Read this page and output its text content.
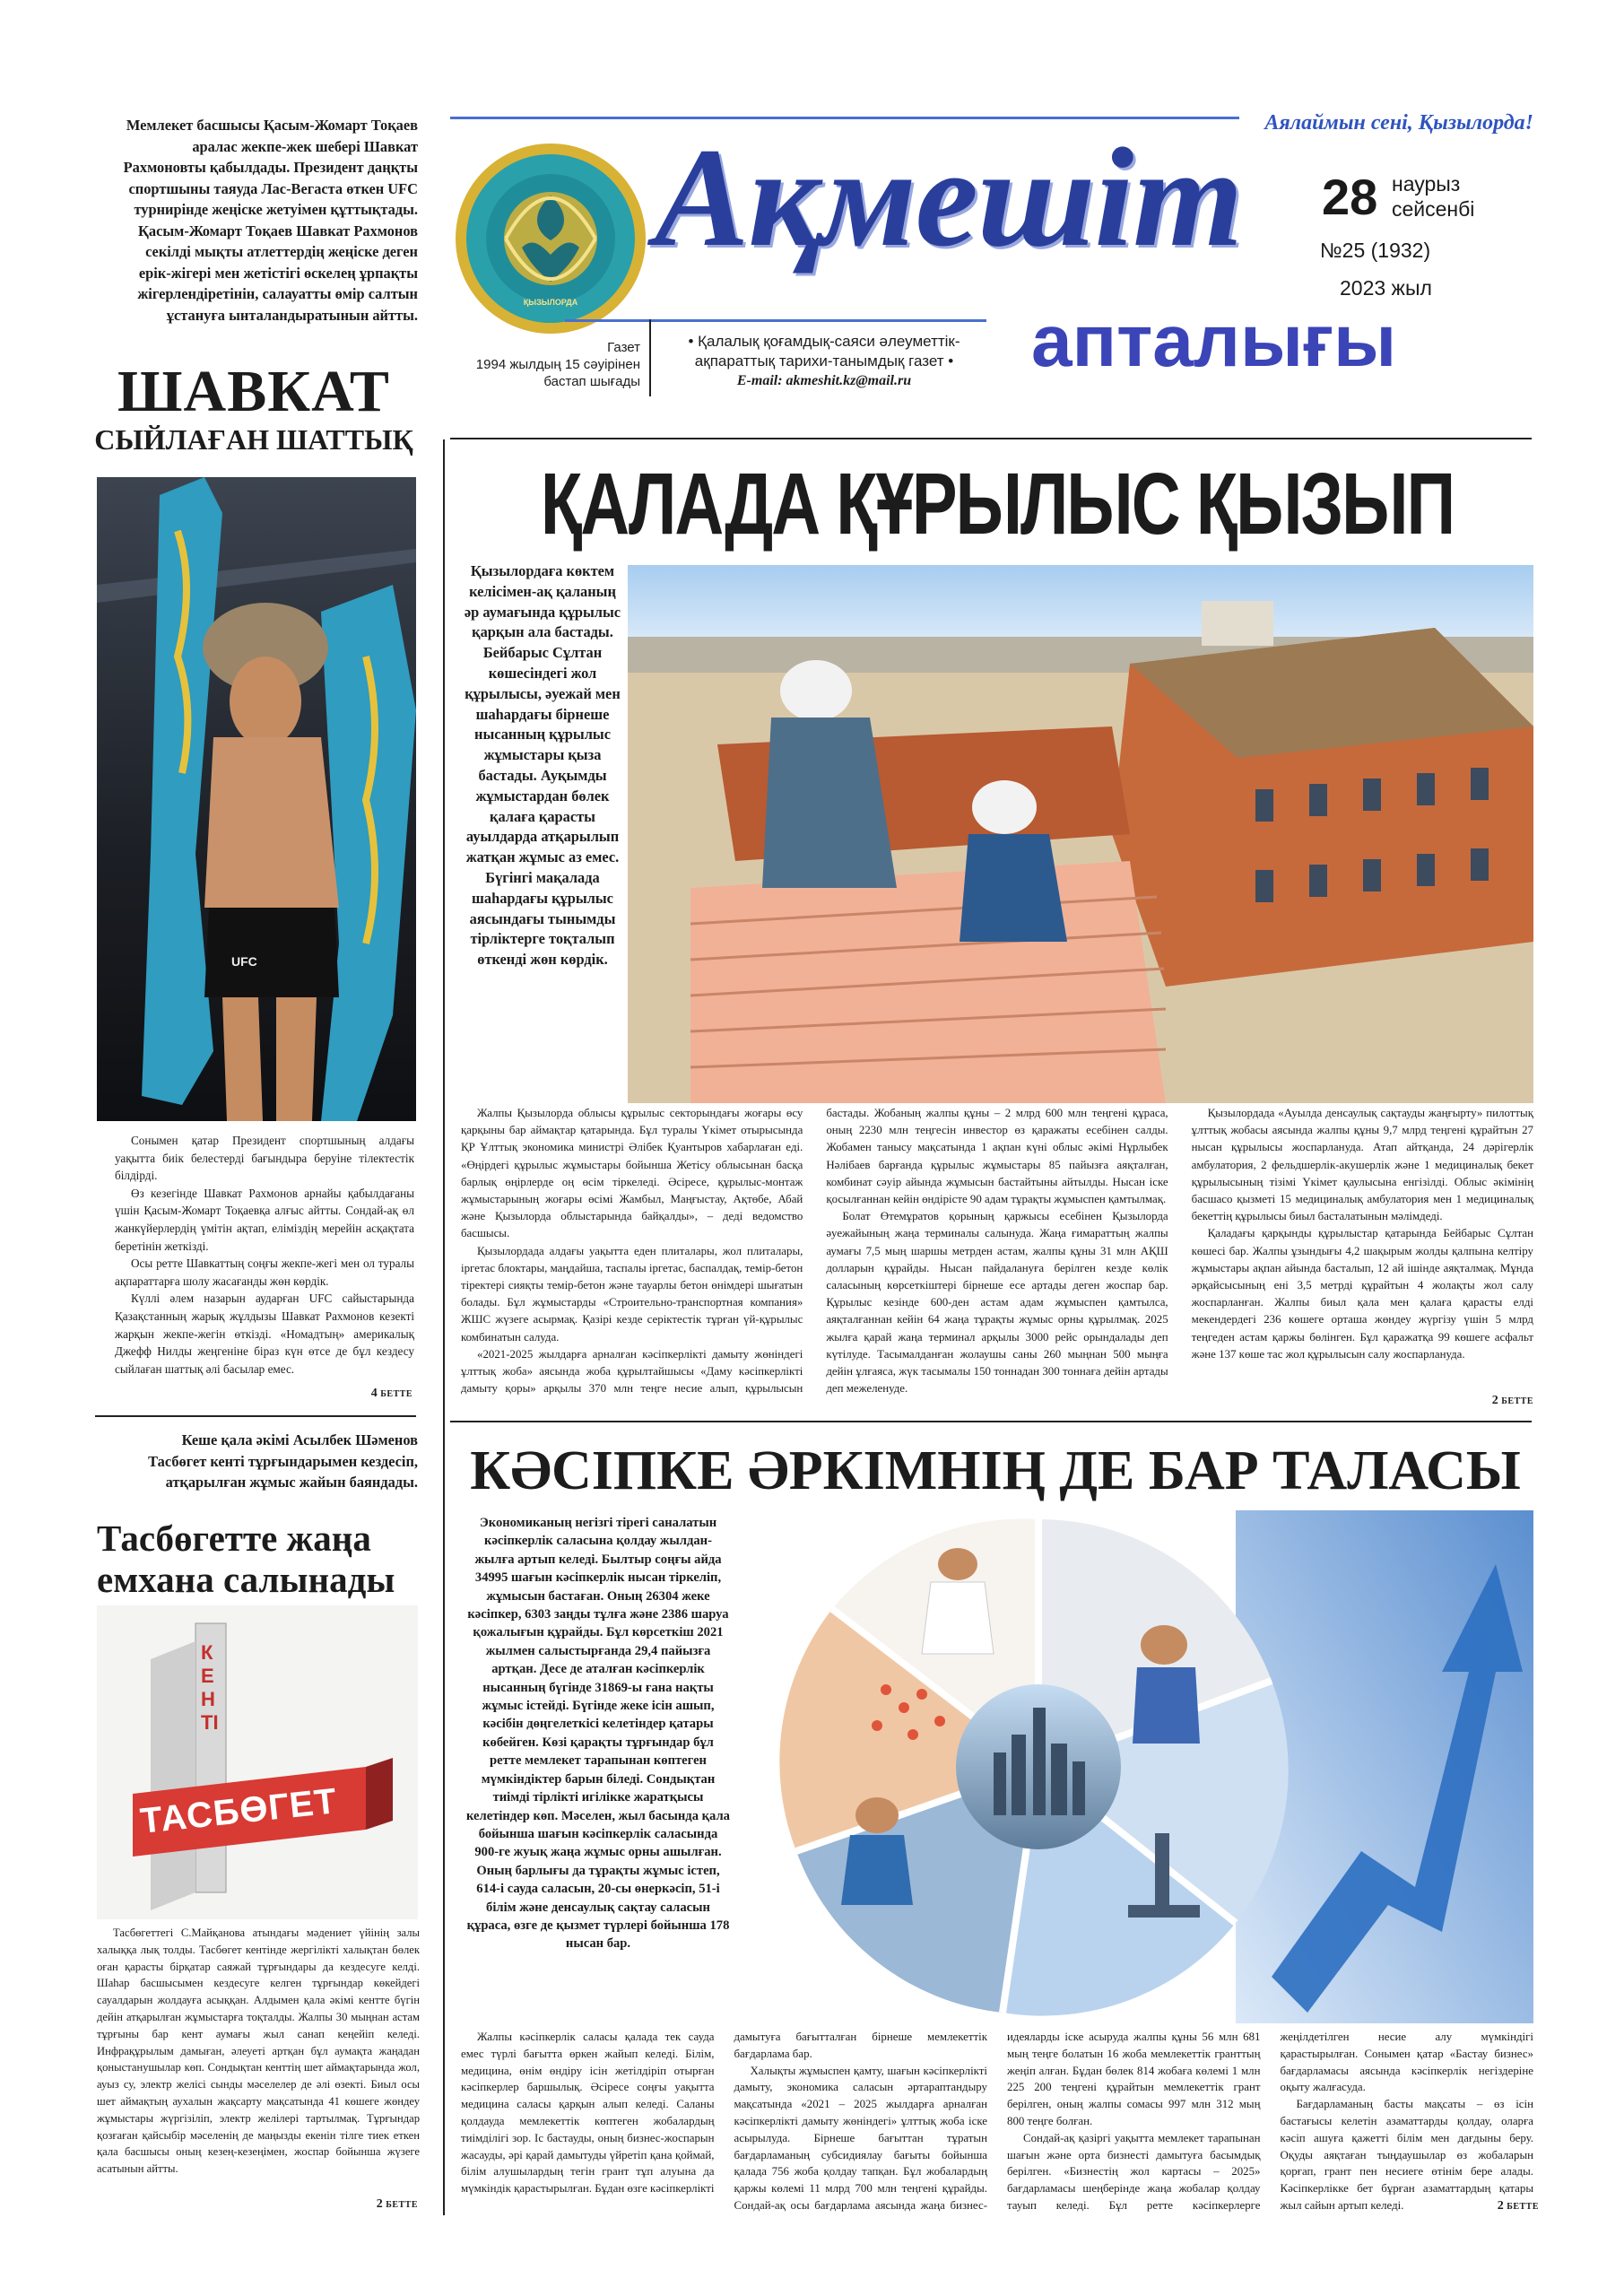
Аялаймын сені, Қызылорда!
ҚЫЗЫЛОРДА
Ақмешіт 28 наурыз
сейсенбі
№25 (1932)
2023 жыл
Газет
1994 жылдың 15 сәуірінен
бастап шығады
• Қалалық қоғамдық-саяси әлеуметтік-
ақпараттық тарихи-танымдық газет •
E-mail: akmeshit.kz@mail.ru	апталығы
Мемлекет басшысы Қасым-Жомарт Тоқаев аралас жекпе-жек шебері Шавкат Рахмоновты қабылдады. Президент даңқты спортшыны таяуда Лас-Вегаста өткен UFC турнирінде жеңіске жетуімен құттықтады. Қасым-Жомарт Тоқаев Шавкат Рахмонов секілді мықты атлеттердің жеңіске деген ерік-жігері мен жетістігі өскелең ұрпақты жігерлендіретінін, салауатты өмір салтын ұстануға ынталандыратынын айтты.
ШАВКАТ
СЫЙЛАҒАН ШАТТЫҚ
UFC

Сонымен қатар Президент спортшының алдағы уақытта биік белестерді бағындыра беруіне тілектестік білдірді.

Өз кезегінде Шавкат Рахмонов арнайы қабылдағаны үшін Қасым-Жомарт Тоқаевқа алғыс айтты. Сондай-ақ өл жанкүйерлердің үмітін ақтап, еліміздің мерейін асқақтата беретінін жеткізді.

Осы ретте Шавкаттың соңғы жекпе-жегі мен ол туралы ақпараттарға шолу жасағанды жөн көрдік.

Күллі әлем назарын аударған UFC сайыстарында Қазақстанның жарық жұлдызы Шавкат Рахмонов кезекті жарқын жекпе-жегін өткізді. «Номадтың» америкалық Джефф Нилды жеңгеніне біраз күн өтсе де бұл кездесу сыйлаған шаттық әлі басылар емес.

4 БЕТТЕ
Кеше қала әкімі Асылбек Шәменов Тасбөгет кенті тұрғындарымен кездесіп, атқарылған жұмыс жайын баяндады.
Тасбөгетте жаңа
емхана салынады
КЕНТІ
ТАСБӨГЕТ

Тасбөгеттегі С.Майқанова атындағы мәдениет үйінің залы халыққа лық толды. Тасбөгет кентінде жергілікті халықтан бөлек оған қарасты бірқатар саяжай тұрғындары да кездесуге келді. Шаһар басшысымен кездесуге келген тұрғындар көкейдегі сауалдарын жолдауға асыққан. Алдымен қала әкімі кентте бүгін дейін атқарылған жұмыстарға тоқталды. Жалпы 30 мыңнан астам тұрғыны бар кент аумағы жыл санап кеңейіп келеді. Инфрақұрылым дамыған, әлеуеті артқан бұл аумақта жаңадан қоныстанушылар көп. Сондықтан кенттің шет аймақтарында жол, ауыз су, электр желісі сынды мәселелер де әлі өзекті. Биыл осы шет аймақтың аухалын жақсарту мақсатында 41 көшеге жөндеу жұмыстары жүргізіліп, электр желілері тартылмақ. Тұрғындар қозғаған қайсыбір мәселенің де маңызды екенін тілге тиек еткен қала басшысы оның кезең-кезеңімен, жоспар бойынша жүзеге асатынын айтты.

2 БЕТТЕ
ҚАЛАДА ҚҰРЫЛЫС ҚЫЗЫП
Қызылордаға көктем келісімен-ақ қаланың әр аумағында құрылыс қарқын ала бастады. Бейбарыс Сұлтан көшесіндегі жол құрылысы, әуежай мен шаһардағы бірнеше нысанның құрылыс жұмыстары қыза бастады. Ауқымды жұмыстардан бөлек қалаға қарасты ауылдарда атқарылып жатқан жұмыс аз емес. Бүгінгі мақалада шаһардағы құрылыс аясындағы тынымды тірліктерге тоқталып өткенді жөн көрдік.

Жалпы Қызылорда облысы құрылыс секторындағы жоғары өсу қарқыны бар аймақтар қатарында. Бұл туралы Үкімет отырысында ҚР Ұлттық экономика министрі Әлібек Қуантыров хабарлаған еді. «Өңірдегі құрылыс жұмыстары бойынша Жетісу облысынан басқа барлық өңірлерде оң өсім тіркеледі. Әсіресе, құрылыс-монтаж жұмыстарының жоғары өсімі Жамбыл, Маңғыстау, Ақтөбе, Абай және Қызылорда облыстарында байқалды», – деді ведомство басшысы.

Қызылордада алдағы уақытта еден плиталары, жол плиталары, іргетас блоктары, маңдайша, таспалы іргетас, баспалдақ, темір-бетон тіректері сияқты темір-бетон және тауарлы бетон өнімдері шығатын болады. Бұл жұмыстарды «Строительно-транспортная компания» ЖШС жүзеге асырмақ. Қазірі кезде серіктестік тұрған үй-құрылыс комбинатын салуда.

«2021-2025 жылдарға арналған кәсіпкерлікті дамыту жөніндегі ұлттық жоба» аясында жоба құрылтайшысы «Даму кәсіпкерлікті дамыту қоры» арқылы 370 млн теңге несие алып, құрылысын бастады. Жобаның жалпы құны – 2 млрд 600 млн теңгені құраса, оның 2230 млн теңгесін инвестор өз қаражаты есебінен салды. Жобамен танысу мақсатында 1 ақпан күні облыс әкімі Нұрлыбек Нәлібаев барғанда құрылыс жұмыстары 85 пайызға аяқталған, комбинат сәуір айында жұмысын бастайтыны айтылды. Нысан іске қосылғаннан кейін өндірісте 90 адам тұрақты жұмыспен қамтылмақ.

Болат Өтемұратов қорының қаржысы есебінен Қызылорда әуежайының жаңа терминалы салынуда. Жаңа ғимараттың жалпы аумағы 7,5 мың шаршы метрден астам, жалпы құны 31 млн АҚШ долларын құрайды. Нысан пайдалануға берілген кезде көлік саласының көрсеткіштері бірнеше есе артады деген жоспар бар. Құрылыс кезінде 600-ден астам адам жұмыспен қамтылса, аяқталғаннан кейін 64 жаңа тұрақты жұмыс орны құрылмақ. 2025 жылға қарай жаңа терминал арқылы 3000 рейс орындалады деп күтілуде. Тасымалданған жолаушы саны 260 мыңнан 500 мыңға дейін ұлғаяса, жүк тасымалы 150 тоннадан 300 тоннаға дейін артады деп межеленуде.

Қызылордада «Ауылда денсаулық сақтауды жаңғырту» пилоттық ұлттық жобасы аясында жалпы құны 9,7 млрд теңгені құрайтын 27 нысан құрылысы жоспарлануда. Атап айтқанда, 24 дәрігерлік амбулатория, 2 фельдшерлік-акушерлік және 1 медициналық бекет құрылысының тізімі Үкімет қаулысына енгізілді. Облыс әкімінің басшасо қызметі 15 медициналық амбулатория мен 1 медициналық бекеттің құрылысы биыл басталатынын мәлімдеді.

Қаладағы қарқынды құрылыстар қатарында Бейбарыс Сұлтан көшесі бар. Жалпы ұзындығы 4,2 шақырым жолды қалпына келтіру жұмыстары ақпан айында басталып, 12 ай ішінде аяқталмақ. Мұнда әрқайсысының ені 3,5 метрді құрайтын 4 жолақты жол салу жоспарланған. Жалпы биыл қала мен қалаға қарасты елді мекендердегі 236 көшеге орташа жөндеу жүргізу үшін 5 млрд теңгеден астам қаржы бөлінген. Бұл қаражатқа 99 көшеге асфальт және 137 көше тас жол құрылысын салу жоспарлануда.

2 БЕТТЕ
КӘСІПКЕ ӘРКІМНІҢ ДЕ БАР ТАЛАСЫ
Экономиканың негізгі тірегі саналатын кәсіпкерлік саласына қолдау жылдан-жылға артып келеді. Былтыр соңғы айда 34995 шағын кәсіпкерлік нысан тіркеліп, жұмысын бастаған. Оның 26304 жеке кәсіпкер, 6303 заңды тұлға және 2386 шаруа қожалығын құрайды. Бұл көрсеткіш 2021 жылмен салыстырғанда 29,4 пайызға артқан. Десе де аталған кәсіпкерлік нысанның бүгінде 31869-ы ғана нақты жұмыс істейді. Бүгінде жеке ісін ашып, кәсібін дөңгелеткісі келетіндер қатары көбейген. Көзі қарақты тұрғындар бұл ретте мемлекет тарапынан көптеген мүмкіндіктер барын біледі. Сондықтан тиімді тірлікті игілікке жаратқысы келетіндер көп. Мәселен, жыл басында қала бойынша шағын кәсіпкерлік саласында 900-ге жуық жаңа жұмыс орны ашылған. Оның барлығы да тұрақты жұмыс істеп, 614-і сауда саласын, 20-сы өнеркәсіп, 51-і білім және денсаулық сақтау саласын құраса, өзге де қызмет түрлері бойынша 178 нысан бар.

Жалпы кәсіпкерлік саласы қалада тек сауда емес түрлі бағытта өркен жайып келеді. Білім, медицина, өнім өндіру ісін жетілдіріп отырған кәсіпкерлер баршылық. Әсіресе соңғы уақытта медицина саласы қарқын алып келеді. Саланы қолдауда мемлекеттік көптеген жобалардың тиімділігі зор. Іс бастауды, оның бизнес-жоспарын жасауды, әрі қарай дамытуды үйретіп қана қоймай, білім алушылардың тегін грант тұп алуына да мүмкіндік қарастырылған. Бұдан өзге кәсіпкерлікті дамытуға бағытталған бірнеше мемлекеттік бағдарлама бар.

Халықты жұмыспен қамту, шағын кәсіпкерлікті дамыту, экономика саласын әртараптандыру мақсатында «2021 – 2025 жылдарға арналған кәсіпкерлікті дамыту жөніндегі» ұлттық жоба іске асырылуда. Бірнеше бағыттан тұратын бағдарламаның субсидиялау бағыты бойынша қалада 756 жоба қолдау тапқан. Бұл жобалардың қаржы көлемі 11 млрд 700 млн теңгені құрайды. Сондай-ақ осы бағдарлама аясында жаңа бизнес-идеяларды іске асыруда жалпы құны 56 млн 681 мың теңге болатын 16 жоба мемлекеттік гранттың жеңіп алған. Бұдан бөлек 814 жобаға көлемі 1 млн 225 200 теңгені құрайтын мемлекеттік грант берілген, оның жалпы сомасы 997 млн 312 мың 800 теңге болған.

Сондай-ақ қазіргі уақытта мемлекет тарапынан шағын және орта бизнесті дамытуға басымдық берілген. «Бизнестің жол картасы – 2025» бағдарламасы шеңберінде жаңа жобалар қолдау тауып келеді. Бұл ретте кәсіпкерлерге жеңілдетілген несие алу мүмкіндігі қарастырылған. Сонымен қатар «Бастау бизнес» бағдарламасы аясында кәсіпкерлік негіздеріне оқыту жалғасуда.

Бағдарламаның басты мақсаты – өз ісін бастағысы келетін азаматтарды қолдау, оларға кәсіп ашуға қажетті білім мен дағдыны беру. Оқуды аяқтаған тыңдаушылар өз жобаларын қорғап, грант пен несиеге өтінім бере алады. Кәсіпкерлікке бет бұрған азаматтардың қатары жыл сайын артып келеді.	2 БЕТТЕ
